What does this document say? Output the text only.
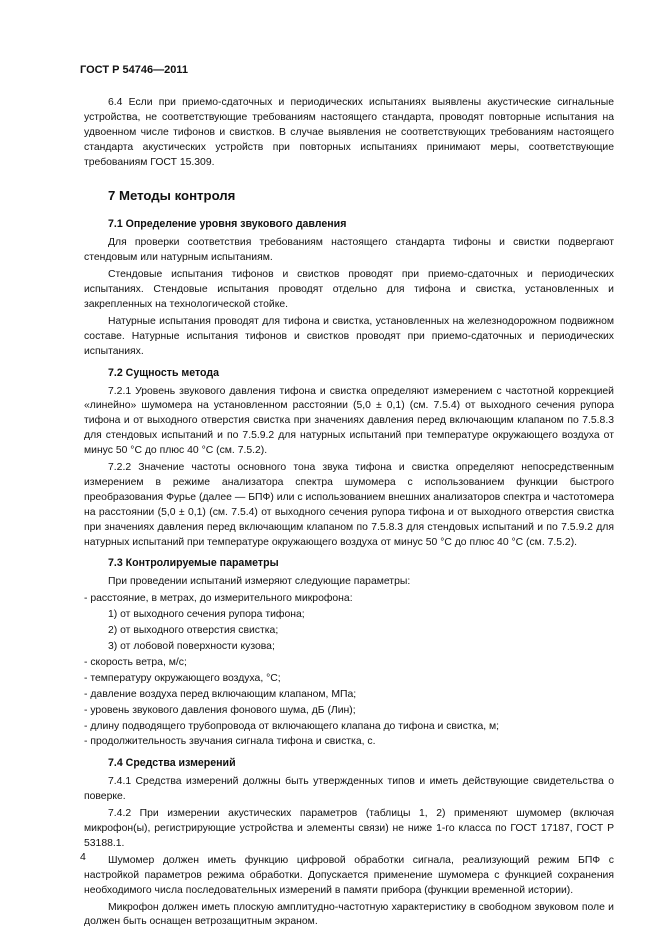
ГОСТ Р 54746—2011

6.4 Если при приемо-сдаточных и периодических испытаниях выявлены акустические сигнальные устройства, не соответствующие требованиям настоящего стандарта, проводят повторные испытания на удвоенном числе тифонов и свистков. В случае выявления не соответствующих требованиям настоящего стандарта акустических устройств при повторных испытаниях принимают меры, соответствующие требованиям ГОСТ 15.309.

7 Методы контроля
7.1 Определение уровня звукового давления

Для проверки соответствия требованиям настоящего стандарта тифоны и свистки подвергают стендовым или натурным испытаниям.

Стендовые испытания тифонов и свистков проводят при приемо-сдаточных и периодических испытаниях. Стендовые испытания проводят отдельно для тифона и свистка, установленных и закрепленных на технологической стойке.

Натурные испытания проводят для тифона и свистка, установленных на железнодорожном подвижном составе. Натурные испытания тифонов и свистков проводят при приемо-сдаточных и периодических испытаниях.

7.2 Сущность метода

7.2.1 Уровень звукового давления тифона и свистка определяют измерением с частотной коррекцией «линейно» шумомера на установленном расстоянии (5,0 ± 0,1) (см. 7.5.4) от выходного сечения рупора тифона и от выходного отверстия свистка при значениях давления перед включающим клапаном по 7.5.8.3 для стендовых испытаний и по 7.5.9.2 для натурных испытаний при температуре окружающего воздуха от минус 50 °C до плюс 40 °C (см. 7.5.2).

7.2.2 Значение частоты основного тона звука тифона и свистка определяют непосредственным измерением в режиме анализатора спектра шумомера с использованием функции быстрого преобразования Фурье (далее — БПФ) или с использованием внешних анализаторов спектра и частотомера на расстоянии (5,0 ± 0,1) (см. 7.5.4) от выходного сечения рупора тифона и от выходного отверстия свистка при значениях давления перед включающим клапаном по 7.5.8.3 для стендовых испытаний и по 7.5.9.2 для натурных испытаний при температуре окружающего воздуха от минус 50 °C до плюс 40 °C (см. 7.5.2).

7.3 Контролируемые параметры

При проведении испытаний измеряют следующие параметры:

- расстояние, в метрах, до измерительного микрофона:

1) от выходного сечения рупора тифона;

2) от выходного отверстия свистка;

3) от лобовой поверхности кузова;

- скорость ветра, м/с;

- температуру окружающего воздуха, °C;

- давление воздуха перед включающим клапаном, МПа;

- уровень звукового давления фонового шума, дБ (Лин);

- длину подводящего трубопровода от включающего клапана до тифона и свистка, м;

- продолжительность звучания сигнала тифона и свистка, с.

7.4 Средства измерений

7.4.1 Средства измерений должны быть утвержденных типов и иметь действующие свидетельства о поверке.

7.4.2 При измерении акустических параметров (таблицы 1, 2) применяют шумомер (включая микрофон(ы), регистрирующие устройства и элементы связи) не ниже 1-го класса по ГОСТ 17187, ГОСТ Р 53188.1.

Шумомер должен иметь функцию цифровой обработки сигнала, реализующий режим БПФ с настройкой параметров режима обработки. Допускается применение шумомера с функцией сохранения необходимого числа последовательных измерений в памяти прибора (функции временной истории).

Микрофон должен иметь плоскую амплитудно-частотную характеристику в свободном звуковом поле и должен быть оснащен ветрозащитным экраном.

4
